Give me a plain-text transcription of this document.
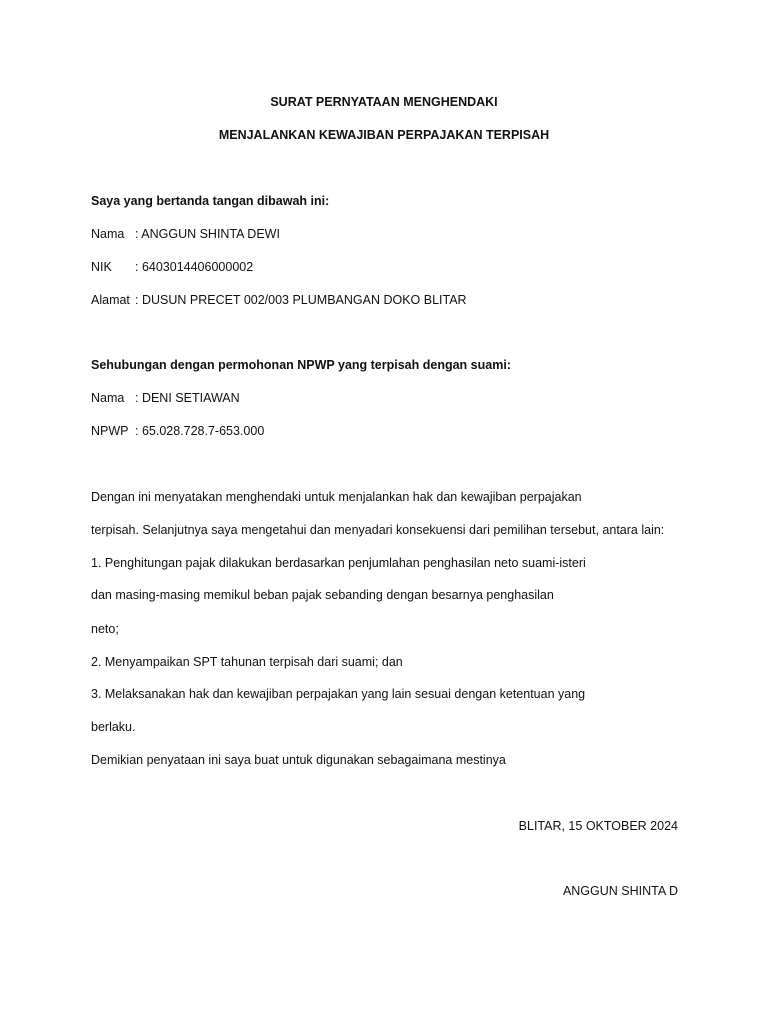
SURAT PERNYATAAN MENGHENDAKI
MENJALANKAN KEWAJIBAN PERPAJAKAN TERPISAH
Saya yang bertanda tangan dibawah ini:
Nama : ANGGUN SHINTA DEWI
NIK : 6403014406000002
Alamat : DUSUN PRECET 002/003 PLUMBANGAN DOKO BLITAR
Sehubungan dengan permohonan NPWP yang terpisah dengan suami:
Nama : DENI SETIAWAN
NPWP : 65.028.728.7-653.000
Dengan ini menyatakan menghendaki untuk menjalankan hak dan kewajiban perpajakan
terpisah. Selanjutnya saya mengetahui dan menyadari konsekuensi dari pemilihan tersebut, antara lain:
1. Penghitungan pajak dilakukan berdasarkan penjumlahan penghasilan neto suami-isteri
dan masing-masing memikul beban pajak sebanding dengan besarnya penghasilan
neto;
2. Menyampaikan SPT tahunan terpisah dari suami; dan
3. Melaksanakan hak dan kewajiban perpajakan yang lain sesuai dengan ketentuan yang
berlaku.
Demikian penyataan ini saya buat untuk digunakan sebagaimana mestinya
BLITAR, 15 OKTOBER 2024
ANGGUN SHINTA D
